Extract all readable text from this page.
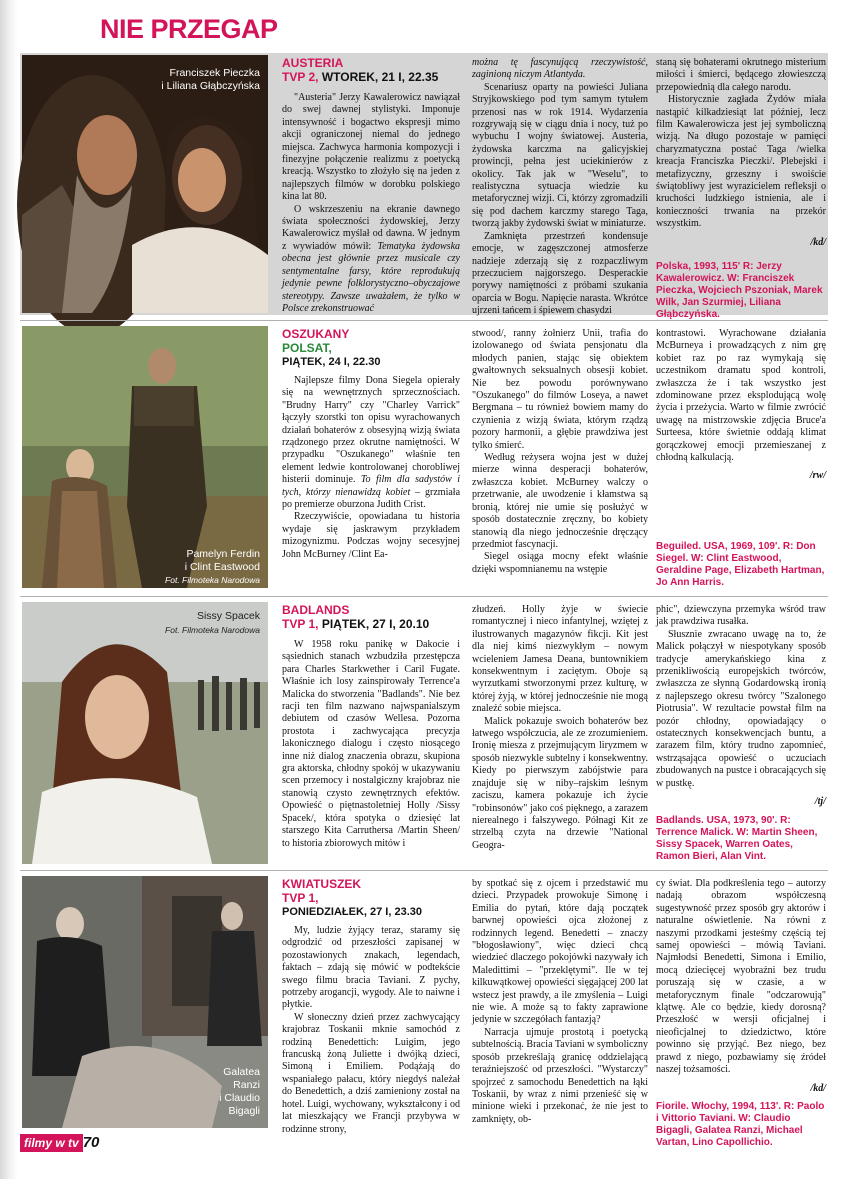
NIE PRZEGAP
Franciszek Pieczka
i Liliana Głąbczyńska
AUSTERIA
TVP 2, WTOREK, 21 I, 22.35

"Austeria" Jerzy Kawalerowicz nawiązał do swej dawnej stylistyki. Imponuje intensywność i bogactwo ekspresji mimo akcji ograniczonej niemal do jednego miejsca. Zachwyca harmonia kompozycji i finezyjne połączenie realizmu z poetycką kreacją. Wszystko to złożyło się na jeden z najlepszych filmów w dorobku polskiego kina lat 80.

O wskrzeszeniu na ekranie dawnego świata społeczności żydowskiej, Jerzy Kawalerowicz myślał od dawna. W jednym z wywiadów mówił: Tematyka żydowska obecna jest głównie przez musicale czy sentymentalne farsy, które reprodukują jedynie pewne folklorystyczno–obyczajowe stereotypy. Zawsze uważałem, że tylko w Polsce zrekonstruować

można tę fascynującą rzeczywistość, zaginioną niczym Atlantyda.

Scenariusz oparty na powieści Juliana Stryjkowskiego pod tym samym tytułem przenosi nas w rok 1914. Wydarzenia rozgrywają się w ciągu dnia i nocy, tuż po wybuchu I wojny światowej. Austeria, żydowska karczma na galicyjskiej prowincji, pełna jest uciekinierów z okolicy. Tak jak w "Weselu", to realistyczna sytuacja wiedzie ku metaforycznej wizji. Ci, którzy zgromadzili się pod dachem karczmy starego Taga, tworzą jakby żydowski świat w miniaturze.

Zamknięta przestrzeń kondensuje emocje, w zagęszczonej atmosferze nadzieje zderzają się z rozpaczliwym przeczuciem najgorszego. Desperackie porywy namiętności z próbami szukania oparcia w Bogu. Napięcie narasta. Wkrótce ujrzeni tańcem i śpiewem chasydzi

staną się bohaterami okrutnego misterium miłości i śmierci, będącego złowieszczą przepowiednią dla całego narodu.

Historycznie zagłada Żydów miała nastąpić kilkadziesiąt lat później, lecz film Kawalerowicza jest jej symboliczną wizją. Na długo pozostaje w pamięci charyzmatyczna postać Taga /wielka kreacja Franciszka Pieczki/. Plebejski i metafizyczny, grzeszny i swoiście świątobliwy jest wyrazicielem refleksji o kruchości ludzkiego istnienia, ale i konieczności trwania na przekór wszystkim.

/kd/
Polska, 1993, 115' R: Jerzy Kawalerowicz. W: Franciszek Pieczka, Wojciech Pszoniak, Marek Wilk, Jan Szurmiej, Liliana Głąbczyńska.
Pamelyn Ferdin
i Clint Eastwood
Fot. Filmoteka Narodowa
OSZUKANY
POLSAT,
PIĄTEK, 24 I, 22.30

Najlepsze filmy Dona Siegela opierały się na wewnętrznych sprzecznościach. "Brudny Harry" czy "Charley Varrick" łączyły szorstki ton opisu wyrachowanych działań bohaterów z obsesyjną wizją świata rządzonego przez okrutne namiętności. W przypadku "Oszukanego" właśnie ten element ledwie kontrolowanej chorobliwej histerii dominuje. To film dla sadystów i tych, którzy nienawidzą kobiet – grzmiała po premierze oburzona Judith Crist.

Rzeczywiście, opowiadana tu historia wydaje się jaskrawym przykładem mizogynizmu. Podczas wojny secesyjnej John McBurney /Clint Ea-

stwood/, ranny żołnierz Unii, trafia do izolowanego od świata pensjonatu dla młodych panien, stając się obiektem gwałtownych seksualnych obsesji kobiet. Nie bez powodu porównywano "Oszukanego" do filmów Loseya, a nawet Bergmana – tu również bowiem mamy do czynienia z wizją świata, którym rządzą pozory harmonii, a głębie prawdziwa jest tylko śmierć.

Według reżysera wojna jest w dużej mierze winna desperacji bohaterów, zwłaszcza kobiet. McBurney walczy o przetrwanie, ale uwodzenie i kłamstwa są bronią, której nie umie się posłużyć w sposób dostatecznie zręczny, bo kobiety stanowią dla niego jednocześnie dręczący przedmiot fascynacji.

Siegel osiąga mocny efekt właśnie dzięki wspomnianemu na wstępie

kontrastowi. Wyrachowane działania McBurneya i prowadzących z nim grę kobiet raz po raz wymykają się uczestnikom dramatu spod kontroli, zwłaszcza że i tak wszystko jest zdominowane przez eksplodującą wolę życia i przeżycia. Warto w filmie zwrócić uwagę na mistrzowskie zdjęcia Bruce'a Surteesa, które świetnie oddają klimat gorączkowej emocji przemieszanej z chłodną kalkulacją.

/rw/
Beguiled. USA, 1969, 109'. R: Don Siegel. W: Clint Eastwood, Geraldine Page, Elizabeth Hartman, Jo Ann Harris.
Sissy Spacek
Fot. Filmoteka Narodowa
BADLANDS
TVP 1, PIĄTEK, 27 I, 20.10

W 1958 roku panikę w Dakocie i sąsiednich stanach wzbudziła przestępcza para Charles Starkwether i Caril Fugate. Właśnie ich losy zainspirowały Terrence'a Malicka do stworzenia "Badlands". Nie bez racji ten film nazwano najwspanialszym debiutem od czasów Wellesa. Pozorna prostota i zachwycająca precyzja lakonicznego dialogu i często niosącego inne niż dialog znaczenia obrazu, skupiona gra aktorska, chłodny spokój w ukazywaniu scen przemocy i nostalgiczny krajobraz nie stanowią czysto zewnętrznych efektów. Opowieść o piętnastoletniej Holly /Sissy Spacek/, która spotyka o dziesięć lat starszego Kita Carruthersa /Martin Sheen/ to historia zbiorowych mitów i

złudzeń. Holly żyje w świecie romantycznej i nieco infantylnej, wziętej z ilustrowanych magazynów fikcji. Kit jest dla niej kimś niezwykłym – nowym wcieleniem Jamesa Deana, buntownikiem konsekwentnym i zaciętym. Oboje są wyrzutkami stworzonymi przez kulturę, w której żyją, w której jednocześnie nie mogą znaleźć sobie miejsca.

Malick pokazuje swoich bohaterów bez łatwego współczucia, ale ze zrozumieniem. Ironię miesza z przejmującym liryzmem w sposób niezwykle subtelny i konsekwentny. Kiedy po pierwszym zabójstwie para znajduje się w niby–rajskim leśnym zaciszu, kamera pokazuje ich życie "robinsonów" jako coś pięknego, a zarazem nierealnego i fałszywego. Półnagi Kit ze strzelbą czyta na drzewie "National Geogra-

phic", dziewczyna przemyka wśród traw jak prawdziwa rusałka.

Słusznie zwracano uwagę na to, że Malick połączył w niespotykany sposób tradycje amerykańskiego kina z przenikliwością europejskich twórców, zwłaszcza ze słynną Godardowską ironią z najlepszego okresu twórcy "Szalonego Piotrusia". W rezultacie powstał film na pozór chłodny, opowiadający o ostatecznych konsekwencjach buntu, a zarazem film, który trudno zapomnieć, wstrząsająca opowieść o uczuciach zbudowanych na pustce i obracających się w pustkę.

/tj/
Badlands. USA, 1973, 90'. R: Terrence Malick. W: Martin Sheen, Sissy Spacek, Warren Oates, Ramon Bieri, Alan Vint.
Galatea
Ranzi
i Claudio
Bigagli
KWIATUSZEK
TVP 1,
PONIEDZIAŁEK, 27 I, 23.30

My, ludzie żyjący teraz, staramy się odgrodzić od przeszłości zapisanej w pozostawionych znakach, legendach, faktach – zdają się mówić w podtekście swego filmu bracia Taviani. Z pychy, potrzeby arogancji, wygody. Ale to naiwne i płytkie.

W słoneczny dzień przez zachwycający krajobraz Toskanii mknie samochód z rodziną Benedettich: Luigim, jego francuską żoną Juliette i dwójką dzieci, Simoną i Emiliem. Podążają do wspaniałego pałacu, który niegdyś należał do Benedettich, a dziś zamieniony został na hotel. Luigi, wychowany, wykształcony i od lat mieszkający we Francji przybywa w rodzinne strony,

by spotkać się z ojcem i przedstawić mu dzieci. Przypadek prowokuje Simonę i Emilia do pytań, które dają początek barwnej opowieści ojca złożonej z rodzinnych legend. Benedetti – znaczy "błogosławiony", więc dzieci chcą wiedzieć dlaczego pokojówki nazywały ich Maledittimi – "przeklętymi". Ile w tej kilkuwątkowej opowieści sięgającej 200 lat wstecz jest prawdy, a ile zmyślenia – Luigi nie wie. A może są to fakty zaprawione jedynie w szczegółach fantazją?

Narracja ujmuje prostotą i poetycką subtelnością. Bracia Taviani w symboliczny sposób przekreślają granicę oddzielającą teraźniejszość od przeszłości. "Wystarczy" spojrzeć z samochodu Benedettich na łąki Toskanii, by wraz z nimi przenieść się w minione wieki i przekonać, że nie jest to zamknięty, ob-

cy świat. Dla podkreślenia tego – autorzy nadają obrazom współczesną sugestywność przez sposób gry aktorów i naturalne oświetlenie. Na równi z naszymi przodkami jesteśmy częścią tej samej opowieści – mówią Taviani. Najmłodsi Benedetti, Simona i Emilio, mocą dziecięcej wyobraźni bez trudu poruszają się w czasie, a w metaforycznym finale "odczarowują" klątwę. Ale co będzie, kiedy dorosną? Przeszłość w wersji oficjalnej i nieoficjalnej to dziedzictwo, które powinno się przyjąć. Bez niego, bez prawd z niego, pozbawiamy się źródeł naszej tożsamości.

/kd/
Fiorile. Włochy, 1994, 113'. R: Paolo i Vittorio Taviani. W: Claudio Bigagli, Galatea Ranzi, Michael Vartan, Lino Capollichio.
filmy w tv 70
